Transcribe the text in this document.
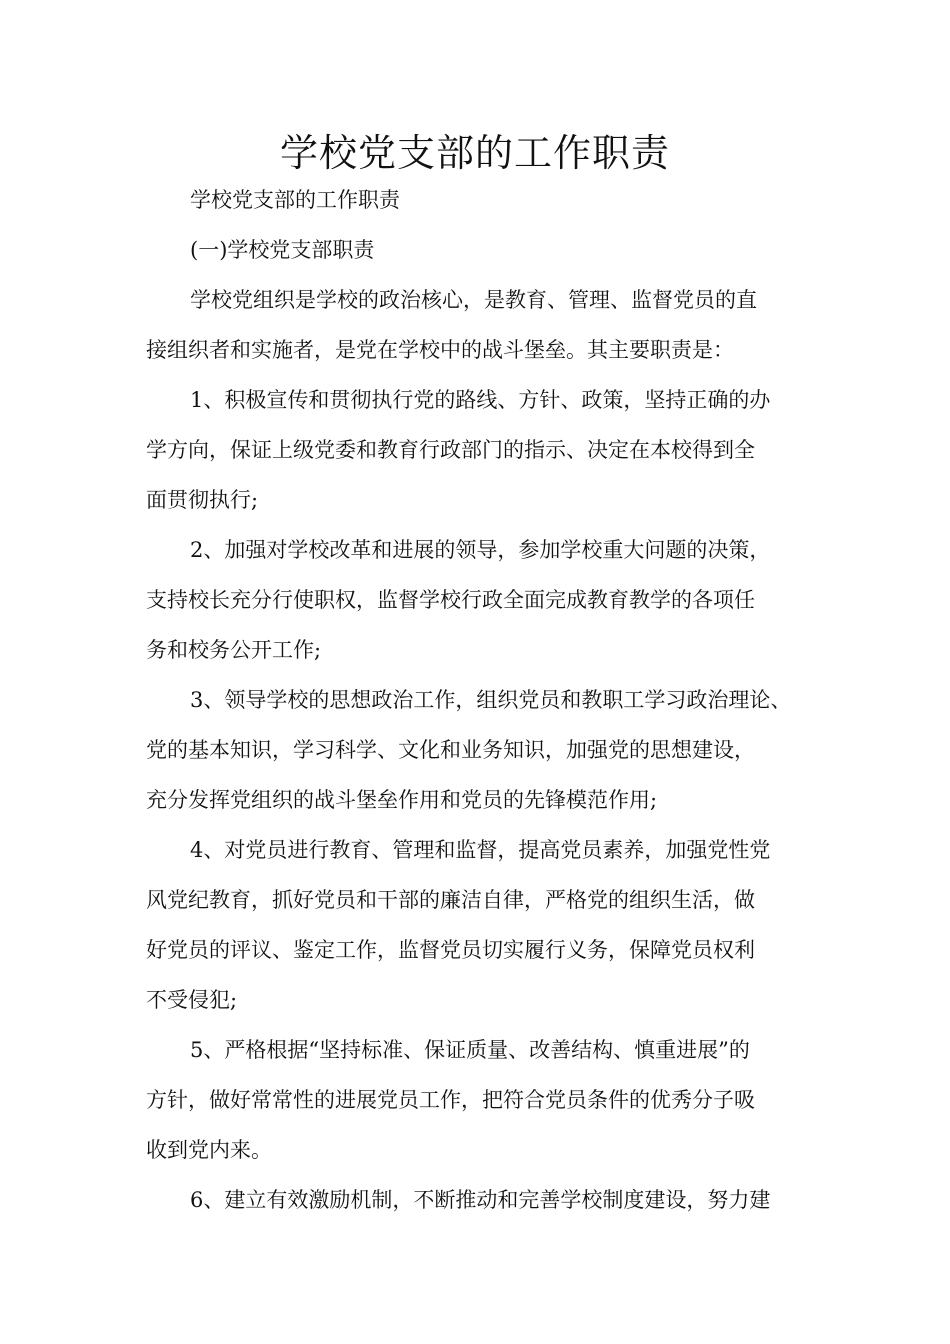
学校党支部的工作职责

学校党支部的工作职责

(一)学校党支部职责

学校党组织是学校的政治核心，是教育、管理、监督党员的直

接组织者和实施者，是党在学校中的战斗堡垒。其主要职责是：

1、积极宣传和贯彻执行党的路线、方针、政策，坚持正确的办

学方向，保证上级党委和教育行政部门的指示、决定在本校得到全

面贯彻执行;

2、加强对学校改革和进展的领导，参加学校重大问题的决策，

支持校长充分行使职权，监督学校行政全面完成教育教学的各项任

务和校务公开工作;

3、领导学校的思想政治工作，组织党员和教职工学习政治理论、

党的基本知识，学习科学、文化和业务知识，加强党的思想建设，

充分发挥党组织的战斗堡垒作用和党员的先锋模范作用;

4、对党员进行教育、管理和监督，提高党员素养，加强党性党

风党纪教育，抓好党员和干部的廉洁自律，严格党的组织生活，做

好党员的评议、鉴定工作，监督党员切实履行义务，保障党员权利

不受侵犯;

5、严格根据“坚持标准、保证质量、改善结构、慎重进展”的

方针，做好常常性的进展党员工作，把符合党员条件的优秀分子吸

收到党内来。

6、建立有效激励机制，不断推动和完善学校制度建设，努力建
